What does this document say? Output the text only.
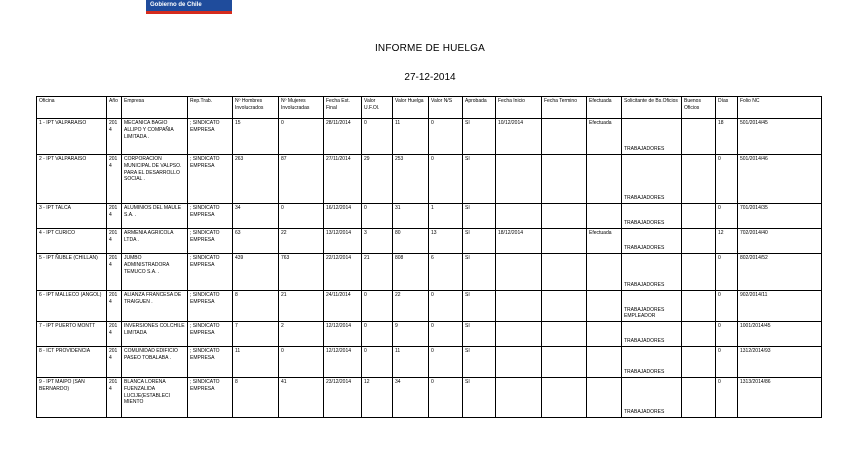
Gobierno de Chile
INFORME DE HUELGA
27-12-2014
Oficina	Año	Empresa	Rep.Trab.	Nº Hombres Involucrados	Nº Mujeres Involucradas	Fecha Est. Final	Valor U.F.Ol.	Valor Huelga	Valor N/S	Aprobada	Fecha Inicio	Fecha Termino	Efectuada	Solicitante de Bs.Oficios	Buenos Oficios	Días	Folio NC
1 - IPT VALPARAISO	2014	MECANICA BAGIO ALLIPO Y COMPAÑIA LIMITADA .	; SINDICATO EMPRESA	15	0	28/11/2014	0	11	0	SI	10/12/2014		Efectuada	TRABAJADORES		18	501/2014/45
2 - IPT VALPARAISO	2014	CORPORACION MUNICIPAL DE VALPSO. PARA EL DESARROLLO SOCIAL .	; SINDICATO EMPRESA	263	87	27/11/2014	29	253	0	SI				TRABAJADORES		0	501/2014/46
3 - IPT TALCA	2014	ALUMINIOS DEL MAULE S.A. .	; SINDICATO EMPRESA	34	0	16/12/2014	0	31	1	SI				TRABAJADORES		0	701/2014/35
4 - IPT CURICO	2014	ARMENIA AGRICOLA LTDA .	; SINDICATO EMPRESA	63	22	13/12/2014	3	80	13	SI	18/12/2014		Efectuada	TRABAJADORES		12	702/2014/40
5 - IPT ÑUBLE (CHILLAN)	2014	JUMBO ADMINISTRADORA TEMUCO S.A. .	; SINDICATO EMPRESA	439	763	22/12/2014	21	808	6	SI				TRABAJADORES		0	802/2014/52
6 - IPT MALLECO (ANGOL)	2014	ALIANZA FRANCESA DE TRAIGUEN .	; SINDICATO EMPRESA	8	21	24/11/2014	0	22	0	SI				TRABAJADORES EMPLEADOR		0	902/2014/11
7 - IPT PUERTO MONTT	2014	INVERSIONES COLCHILE LIMITADA	; SINDICATO EMPRESA	7	2	12/12/2014	0	9	0	SI				TRABAJADORES		0	1001/2014/45
8 - ICT PROVIDENCIA	2014	COMUNIDAD EDIFICIO PASEO TOBALABA .	; SINDICATO EMPRESA	11	0	12/12/2014	0	11	0	SI				TRABAJADORES		0	1312/2014/93
9 - IPT MAIPO (SAN BERNARDO)	2014	BLANCA LORENA FUENZALIDA LUCIJE(ESTABLECI MIENTO	; SINDICATO EMPRESA	8	41	23/12/2014	12	34	0	SI				TRABAJADORES		0	1313/2014/86
